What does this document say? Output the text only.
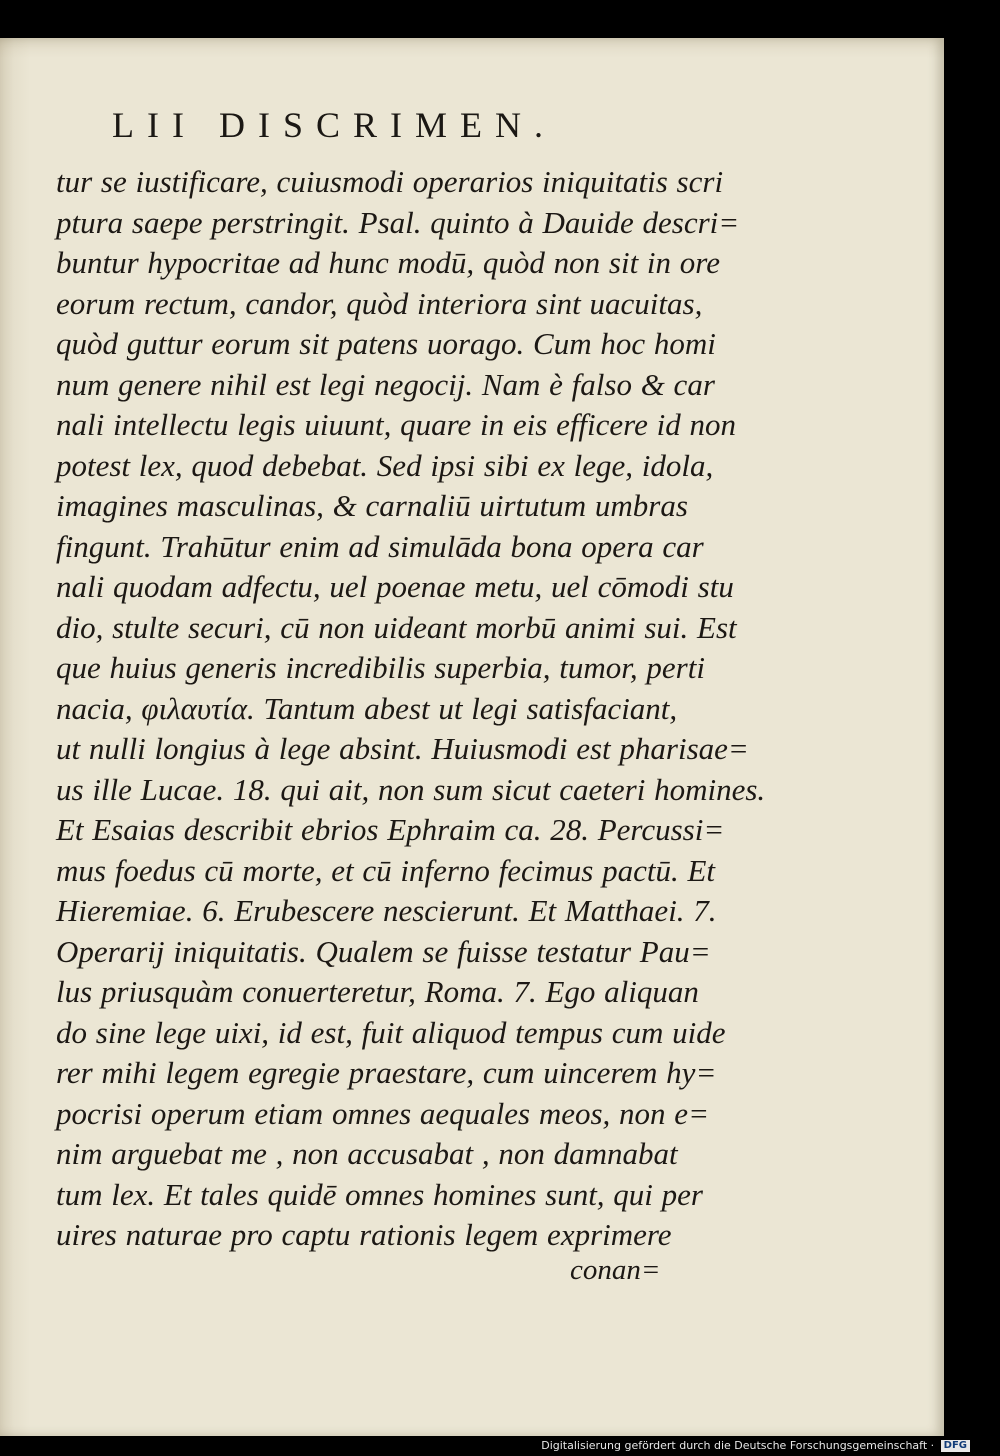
LII DISCRIMEN.
tur se iustificare, cuiusmodi operarios iniquitatis scri
ptura saepe perstringit. Psal. quinto à Dauide descri=
buntur hypocritae ad hunc modū, quòd non sit in ore
eorum rectum, candor, quòd interiora sint uacuitas,
quòd guttur eorum sit patens uorago. Cum hoc homi
num genere nihil est legi negocij. Nam è falso & car
nali intellectu legis uiuunt, quare in eis efficere id non
potest lex, quod debebat. Sed ipsi sibi ex lege, idola,
imagines masculinas, & carnaliū uirtutum umbras
fingunt. Trahūtur enim ad simulāda bona opera car
nali quodam adfectu, uel poenae metu, uel cōmodi stu
dio, stulte securi, cū non uideant morbū animi sui. Est
que huius generis incredibilis superbia, tumor, perti
nacia, φιλαυτία. Tantum abest ut legi satisfaciant,
ut nulli longius à lege absint. Huiusmodi est pharisae=
us ille Lucae. 18. qui ait, non sum sicut caeteri homines.
Et Esaias describit ebrios Ephraim ca. 28. Percussi=
mus foedus cū morte, et cū inferno fecimus pactū. Et
Hieremiae. 6. Erubescere nescierunt. Et Matthaei. 7.
Operarij iniquitatis. Qualem se fuisse testatur Pau=
lus priusquàm conuerteretur, Roma. 7. Ego aliquan
do sine lege uixi, id est, fuit aliquod tempus cum uide
rer mihi legem egregie praestare, cum uincerem hy=
pocrisi operum etiam omnes aequales meos, non e=
nim arguebat me , non accusabat , non damnabat
tum lex. Et tales quidē omnes homines sunt, qui per
uires naturae pro captu rationis legem exprimere
conan=
Digitalisierung gefördert durch die Deutsche Forschungsgemeinschaft · DFG
